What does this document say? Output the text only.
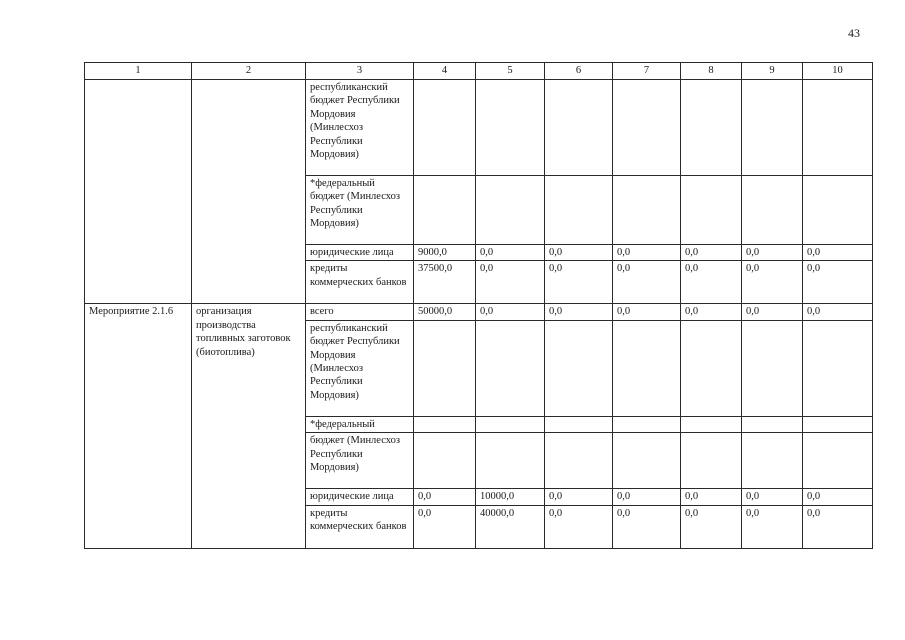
43
1	2	3	4	5	6	7	8	9	10
		республиканский бюджет Республики Мордовия (Минлесхоз Республики Мордовия)							
		*федеральный бюджет (Минлесхоз Республики Мордовия)							
		юридические лица	9000,0	0,0	0,0	0,0	0,0	0,0	0,0
		кредиты коммерческих банков	37500,0	0,0	0,0	0,0	0,0	0,0	0,0
Мероприятие 2.1.6	организация производства топливных заготовок (биотоплива)	всего	50000,0	0,0	0,0	0,0	0,0	0,0	0,0
		республиканский бюджет Республики Мордовия (Минлесхоз Республики Мордовия)							
		*федеральный							
		бюджет (Минлесхоз Республики Мордовия)							
		юридические лица	0,0	10000,0	0,0	0,0	0,0	0,0	0,0
		кредиты коммерческих банков	0,0	40000,0	0,0	0,0	0,0	0,0	0,0
